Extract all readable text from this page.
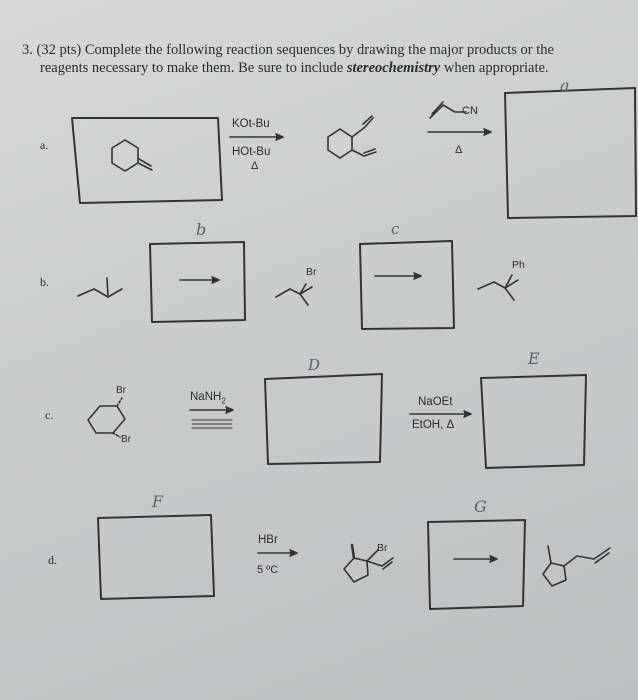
3. (32 pts) Complete the following reaction sequences by drawing the major products or the
reagents necessary to make them. Be sure to include stereochemistry when appropriate.
a.
b.
c.
d.
KOt-Bu
HOt-Bu
Δ
CN
Δ
Br
Ph
Br
Br
NaNH$_2$	NaOEt
EtOH, Δ
HBr
5 ºC
Br
a
b	c
D	E
F	G
